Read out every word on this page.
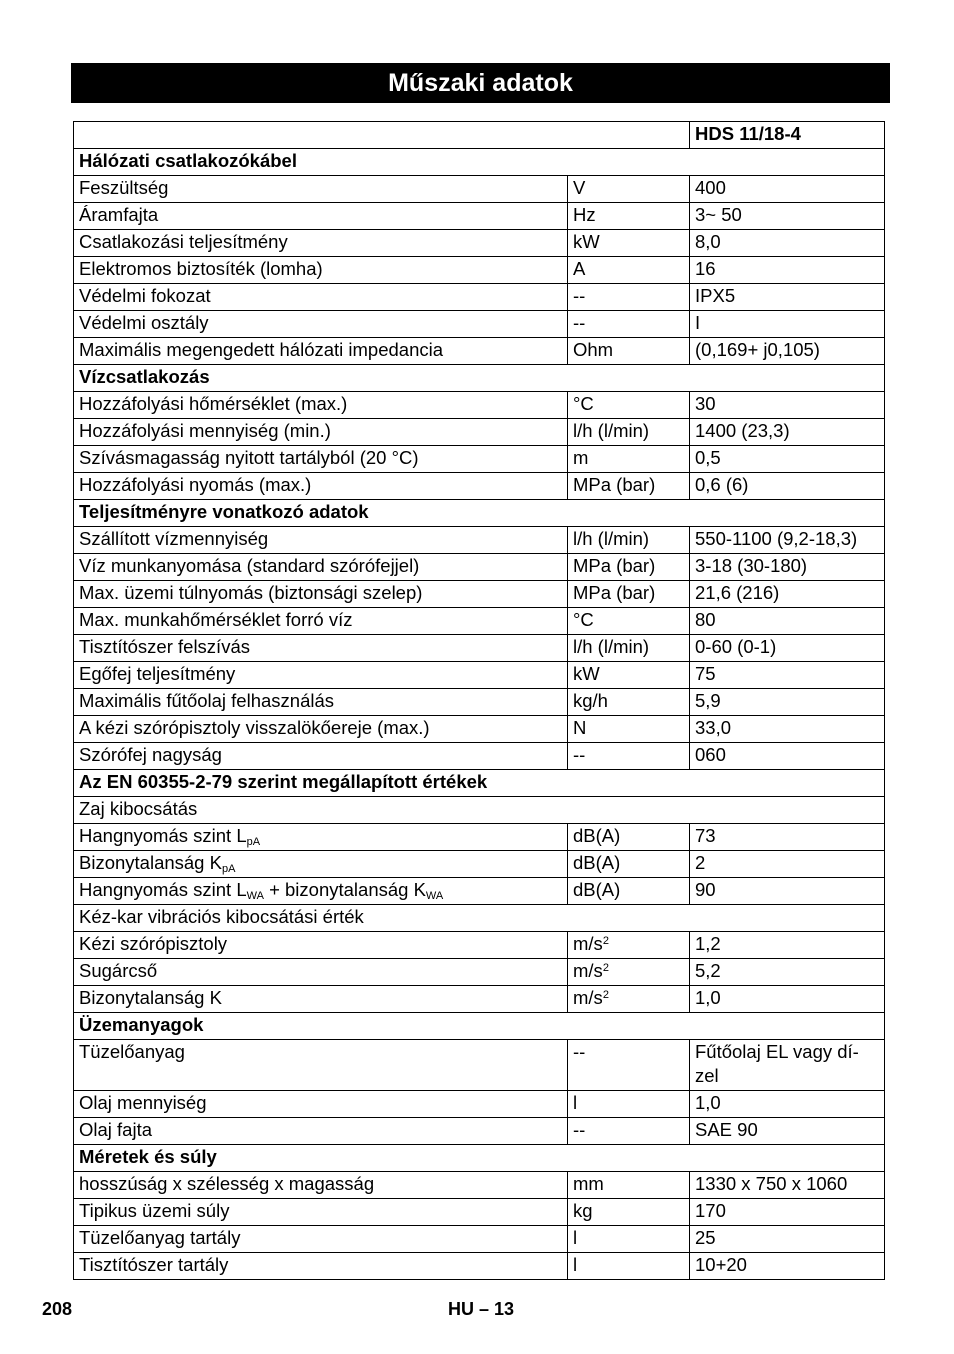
Műszaki adatok
		HDS 11/18-4
Hálózati csatlakozókábel		
Feszültség	V	400
Áramfajta	Hz	3~ 50
Csatlakozási teljesítmény	kW	8,0
Elektromos biztosíték (lomha)	A	16
Védelmi fokozat	--	IPX5
Védelmi osztály	--	I
Maximális megengedett hálózati impedancia	Ohm	(0,169+ j0,105)
Vízcsatlakozás		
Hozzáfolyási hőmérséklet (max.)	°C	30
Hozzáfolyási mennyiség (min.)	l/h (l/min)	1400 (23,3)
Szívásmagasság nyitott tartályból (20 °C)	m	0,5
Hozzáfolyási nyomás (max.)	MPa (bar)	0,6 (6)
Teljesítményre vonatkozó adatok		
Szállított vízmennyiség	l/h (l/min)	550-1100 (9,2-18,3)
Víz munkanyomása (standard szórófejjel)	MPa (bar)	3-18 (30-180)
Max. üzemi túlnyomás (biztonsági szelep)	MPa (bar)	21,6 (216)
Max. munkahőmérséklet forró víz	°C	80
Tisztítószer felszívás	l/h (l/min)	0-60 (0-1)
Egőfej teljesítmény	kW	75
Maximális fűtőolaj felhasználás	kg/h	5,9
A kézi szórópisztoly visszalökőereje (max.)	N	33,0
Szórófej nagyság	--	060
Az EN 60355-2-79 szerint megállapított értékek		
Zaj kibocsátás		
Hangnyomás szint $L_{pA}$	dB(A)	73
Bizonytalanság $K_{pA}$	dB(A)	2
Hangnyomás szint $L_{WA}$ + bizonytalanság $K_{WA}$	dB(A)	90
Kéz-kar vibrációs kibocsátási érték		
Kézi szórópisztoly	$m/s^2$	1,2
Sugárcső	$m/s^2$	5,2
Bizonytalanság K	$m/s^2$	1,0
Üzemanyagok		
Tüzelőanyag	--	Fűtőolaj EL vagy dí-zel
Olaj mennyiség	l	1,0
Olaj fajta	--	SAE 90
Méretek és súly		
hosszúság x szélesség x magasság	mm	1330 x 750 x 1060
Tipikus üzemi súly	kg	170
Tüzelőanyag tartály	l	25
Tisztítószer tartály	l	10+20
208	HU – 13
